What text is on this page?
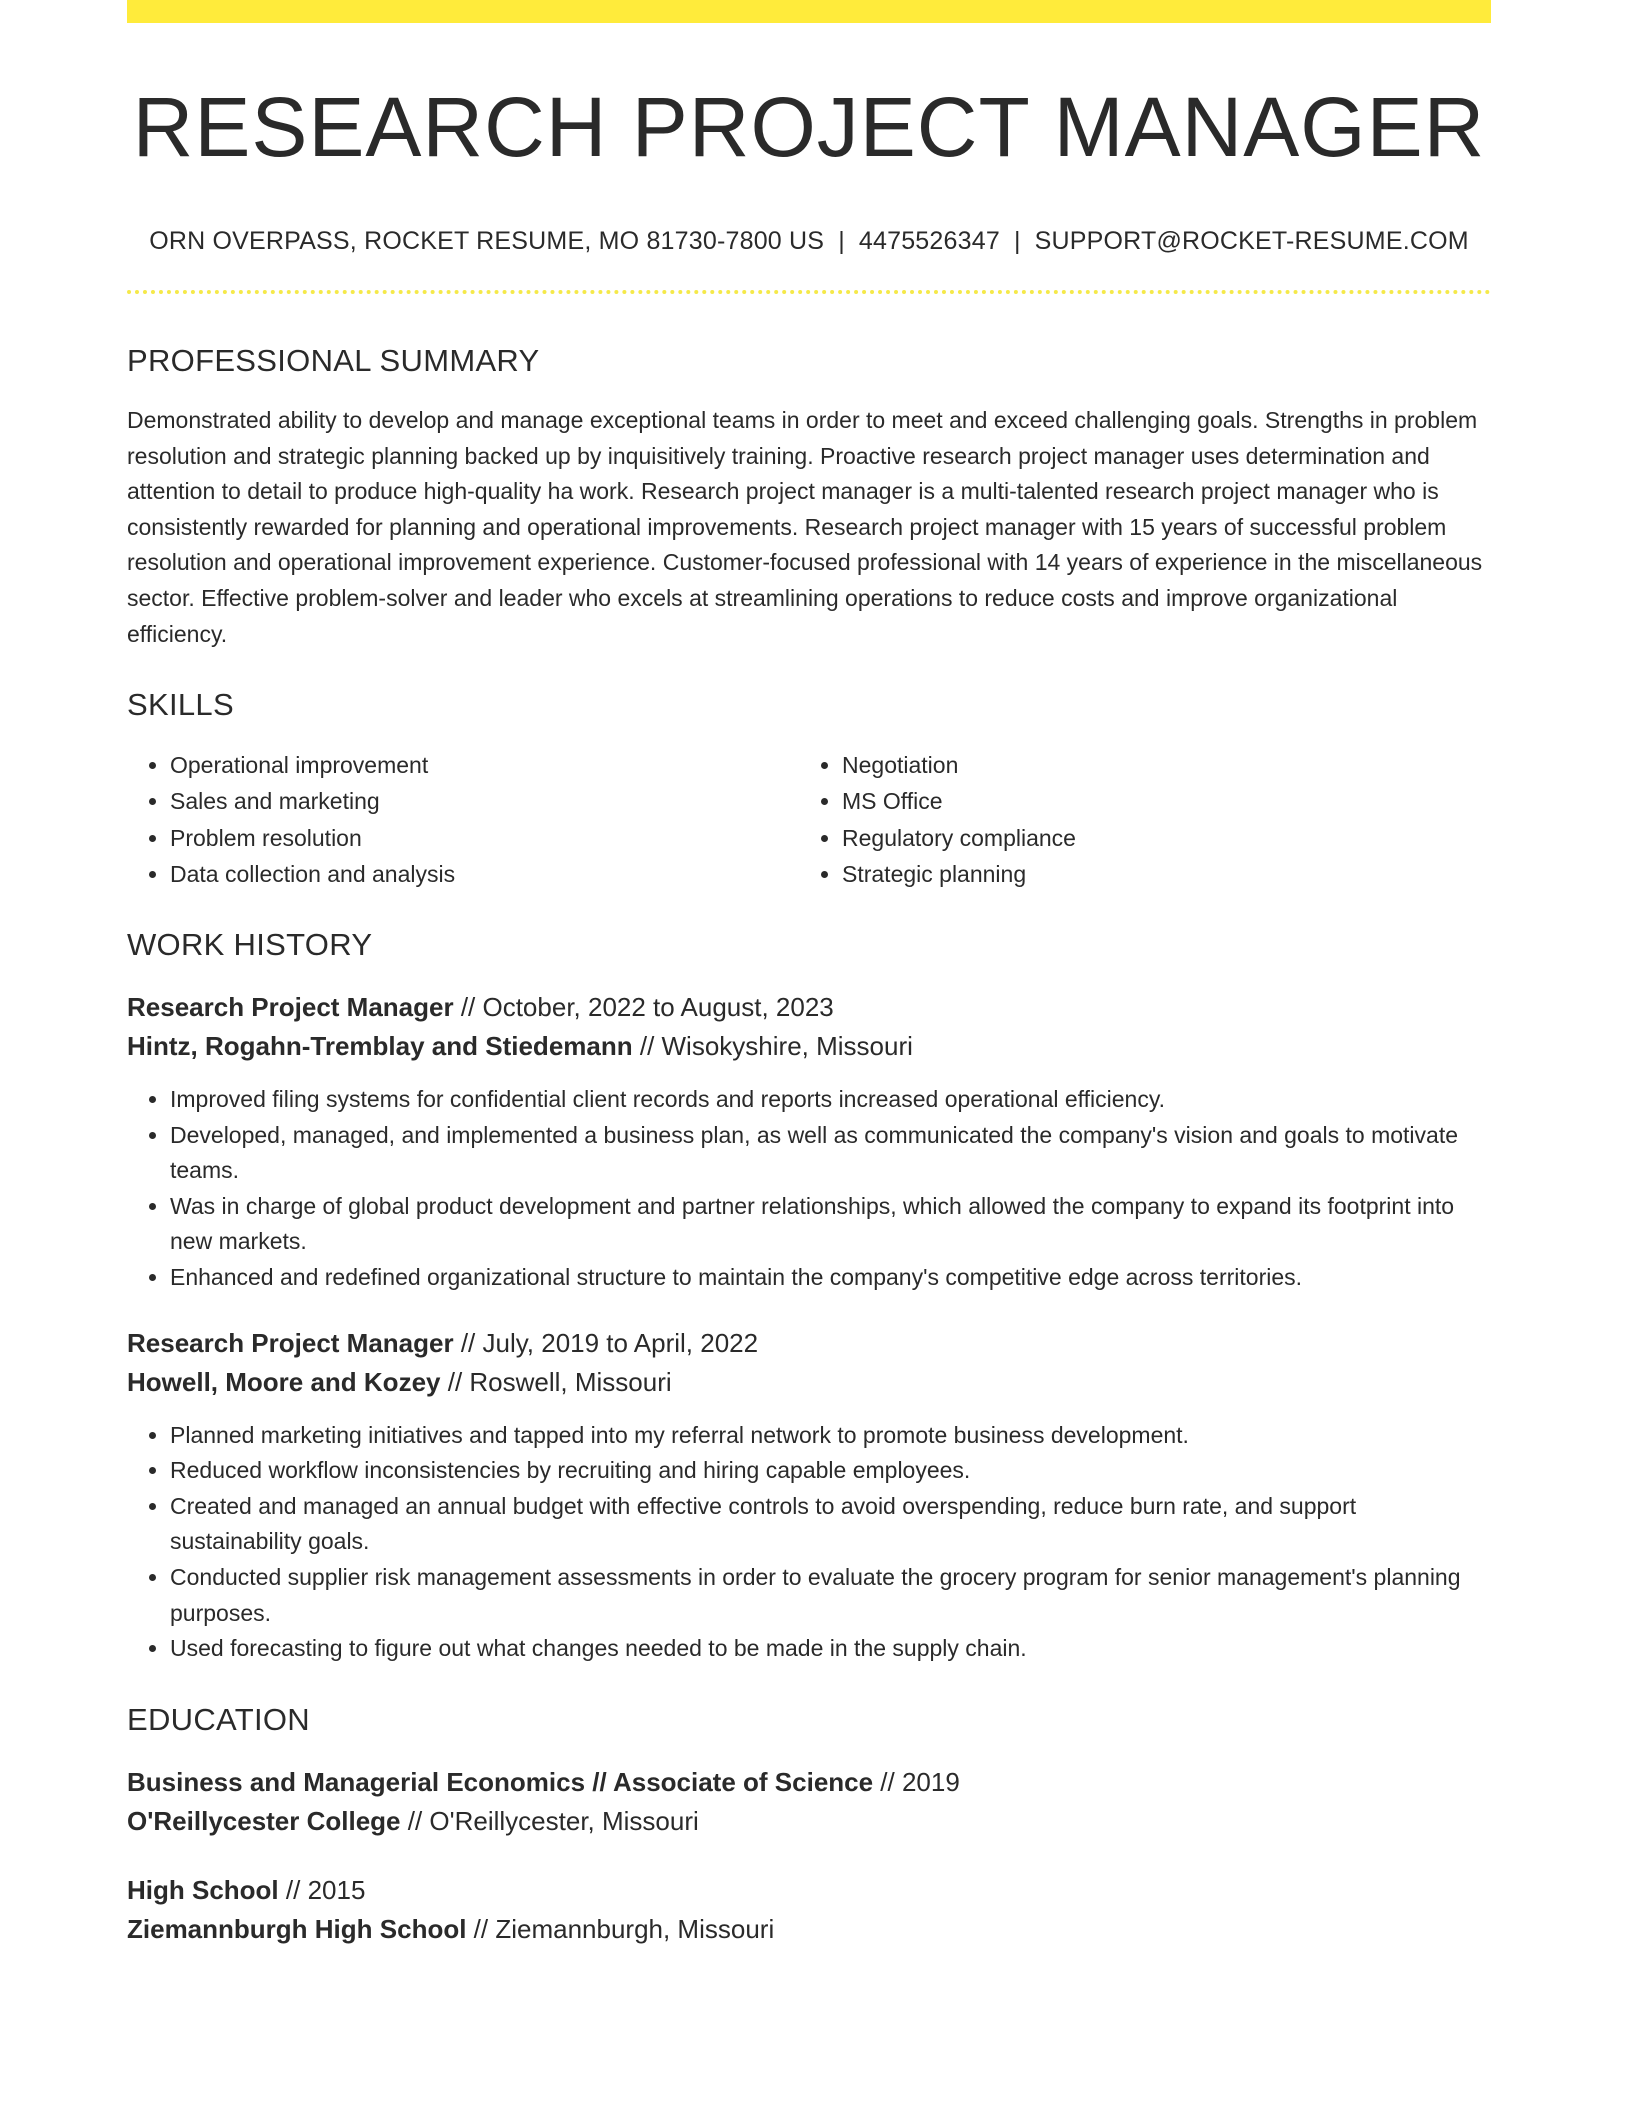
RESEARCH PROJECT MANAGER
ORN OVERPASS, ROCKET RESUME, MO 81730-7800 US | 4475526347 | SUPPORT@ROCKET-RESUME.COM
PROFESSIONAL SUMMARY
Demonstrated ability to develop and manage exceptional teams in order to meet and exceed challenging goals. Strengths in problem resolution and strategic planning backed up by inquisitively training. Proactive research project manager uses determination and attention to detail to produce high-quality ha work. Research project manager is a multi-talented research project manager who is consistently rewarded for planning and operational improvements. Research project manager with 15 years of successful problem resolution and operational improvement experience. Customer-focused professional with 14 years of experience in the miscellaneous sector. Effective problem-solver and leader who excels at streamlining operations to reduce costs and improve organizational efficiency.
SKILLS
• Operational improvement
• Sales and marketing
• Problem resolution
• Data collection and analysis
• Negotiation
• MS Office
• Regulatory compliance
• Strategic planning
WORK HISTORY
Research Project Manager // October, 2022 to August, 2023
Hintz, Rogahn-Tremblay and Stiedemann // Wisokyshire, Missouri
• Improved filing systems for confidential client records and reports increased operational efficiency.
• Developed, managed, and implemented a business plan, as well as communicated the company's vision and goals to motivate teams.
• Was in charge of global product development and partner relationships, which allowed the company to expand its footprint into new markets.
• Enhanced and redefined organizational structure to maintain the company's competitive edge across territories.
Research Project Manager // July, 2019 to April, 2022
Howell, Moore and Kozey // Roswell, Missouri
• Planned marketing initiatives and tapped into my referral network to promote business development.
• Reduced workflow inconsistencies by recruiting and hiring capable employees.
• Created and managed an annual budget with effective controls to avoid overspending, reduce burn rate, and support sustainability goals.
• Conducted supplier risk management assessments in order to evaluate the grocery program for senior management's planning purposes.
• Used forecasting to figure out what changes needed to be made in the supply chain.
EDUCATION
Business and Managerial Economics // Associate of Science // 2019
O'Reillycester College // O'Reillycester, Missouri
High School // 2015
Ziemannburgh High School // Ziemannburgh, Missouri
